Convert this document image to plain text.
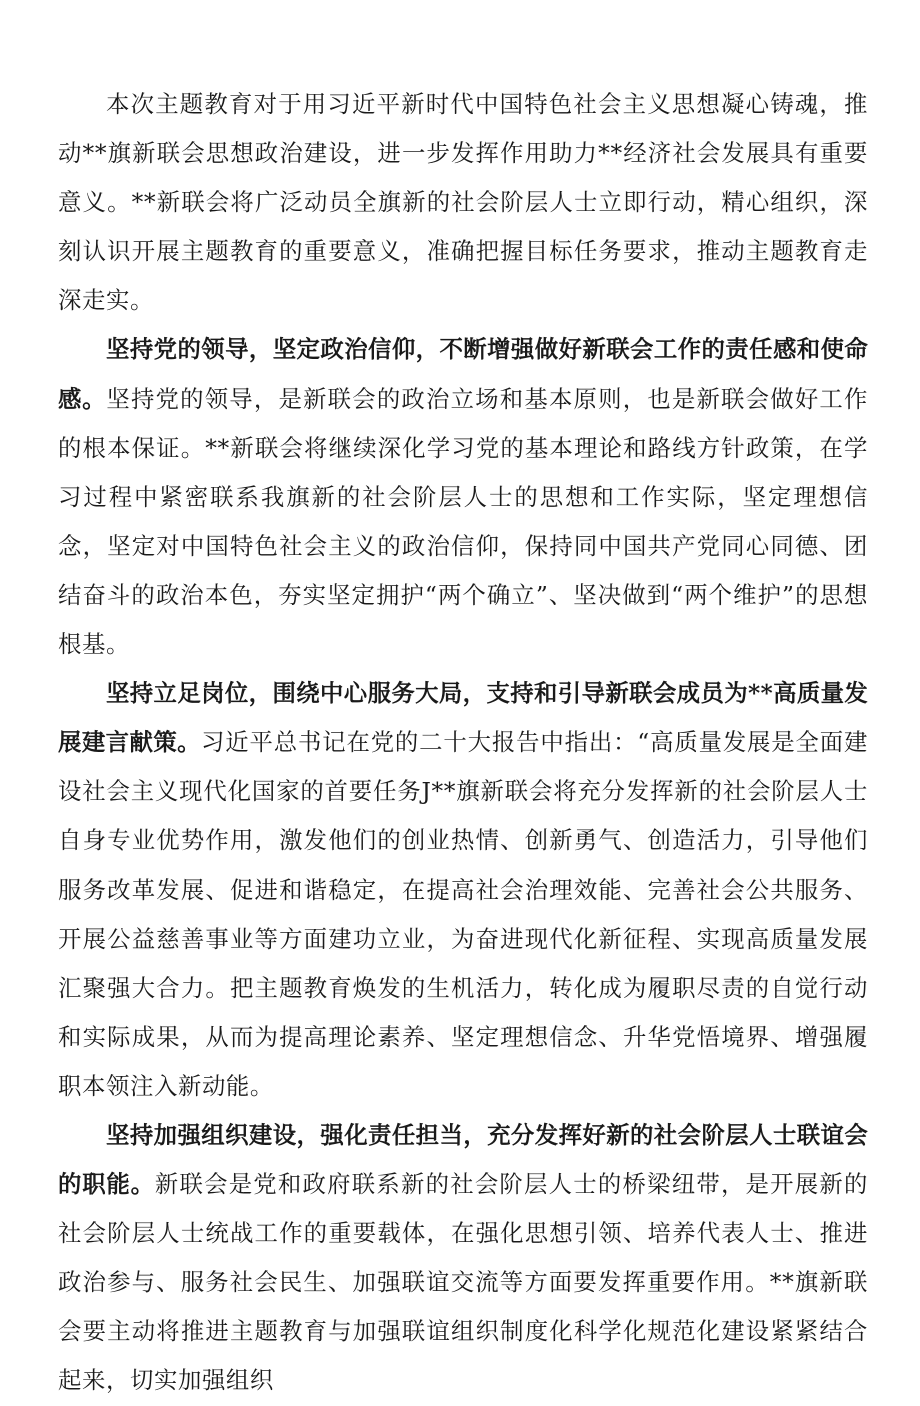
本次主题教育对于用习近平新时代中国特色社会主义思想凝心铸魂，推动**旗新联会思想政治建设，进一步发挥作用助力**经济社会发展具有重要意义。**新联会将广泛动员全旗新的社会阶层人士立即行动，精心组织，深刻认识开展主题教育的重要意义，准确把握目标任务要求，推动主题教育走深走实。

坚持党的领导，坚定政治信仰，不断增强做好新联会工作的责任感和使命感。坚持党的领导，是新联会的政治立场和基本原则，也是新联会做好工作的根本保证。**新联会将继续深化学习党的基本理论和路线方针政策，在学习过程中紧密联系我旗新的社会阶层人士的思想和工作实际，坚定理想信念，坚定对中国特色社会主义的政治信仰，保持同中国共产党同心同德、团结奋斗的政治本色，夯实坚定拥护“两个确立”、坚决做到“两个维护”的思想根基。

坚持立足岗位，围绕中心服务大局，支持和引导新联会成员为**高质量发展建言献策。习近平总书记在党的二十大报告中指出：“高质量发展是全面建设社会主义现代化国家的首要任务J**旗新联会将充分发挥新的社会阶层人士自身专业优势作用，激发他们的创业热情、创新勇气、创造活力，引导他们服务改革发展、促进和谐稳定，在提高社会治理效能、完善社会公共服务、开展公益慈善事业等方面建功立业，为奋进现代化新征程、实现高质量发展汇聚强大合力。把主题教育焕发的生机活力，转化成为履职尽责的自觉行动和实际成果，从而为提高理论素养、坚定理想信念、升华党悟境界、增强履职本领注入新动能。

坚持加强组织建设，强化责任担当，充分发挥好新的社会阶层人士联谊会的职能。新联会是党和政府联系新的社会阶层人士的桥梁纽带，是开展新的社会阶层人士统战工作的重要载体，在强化思想引领、培养代表人士、推进政治参与、服务社会民生、加强联谊交流等方面要发挥重要作用。**旗新联会要主动将推进主题教育与加强联谊组织制度化科学化规范化建设紧紧结合起来，切实加强组织
